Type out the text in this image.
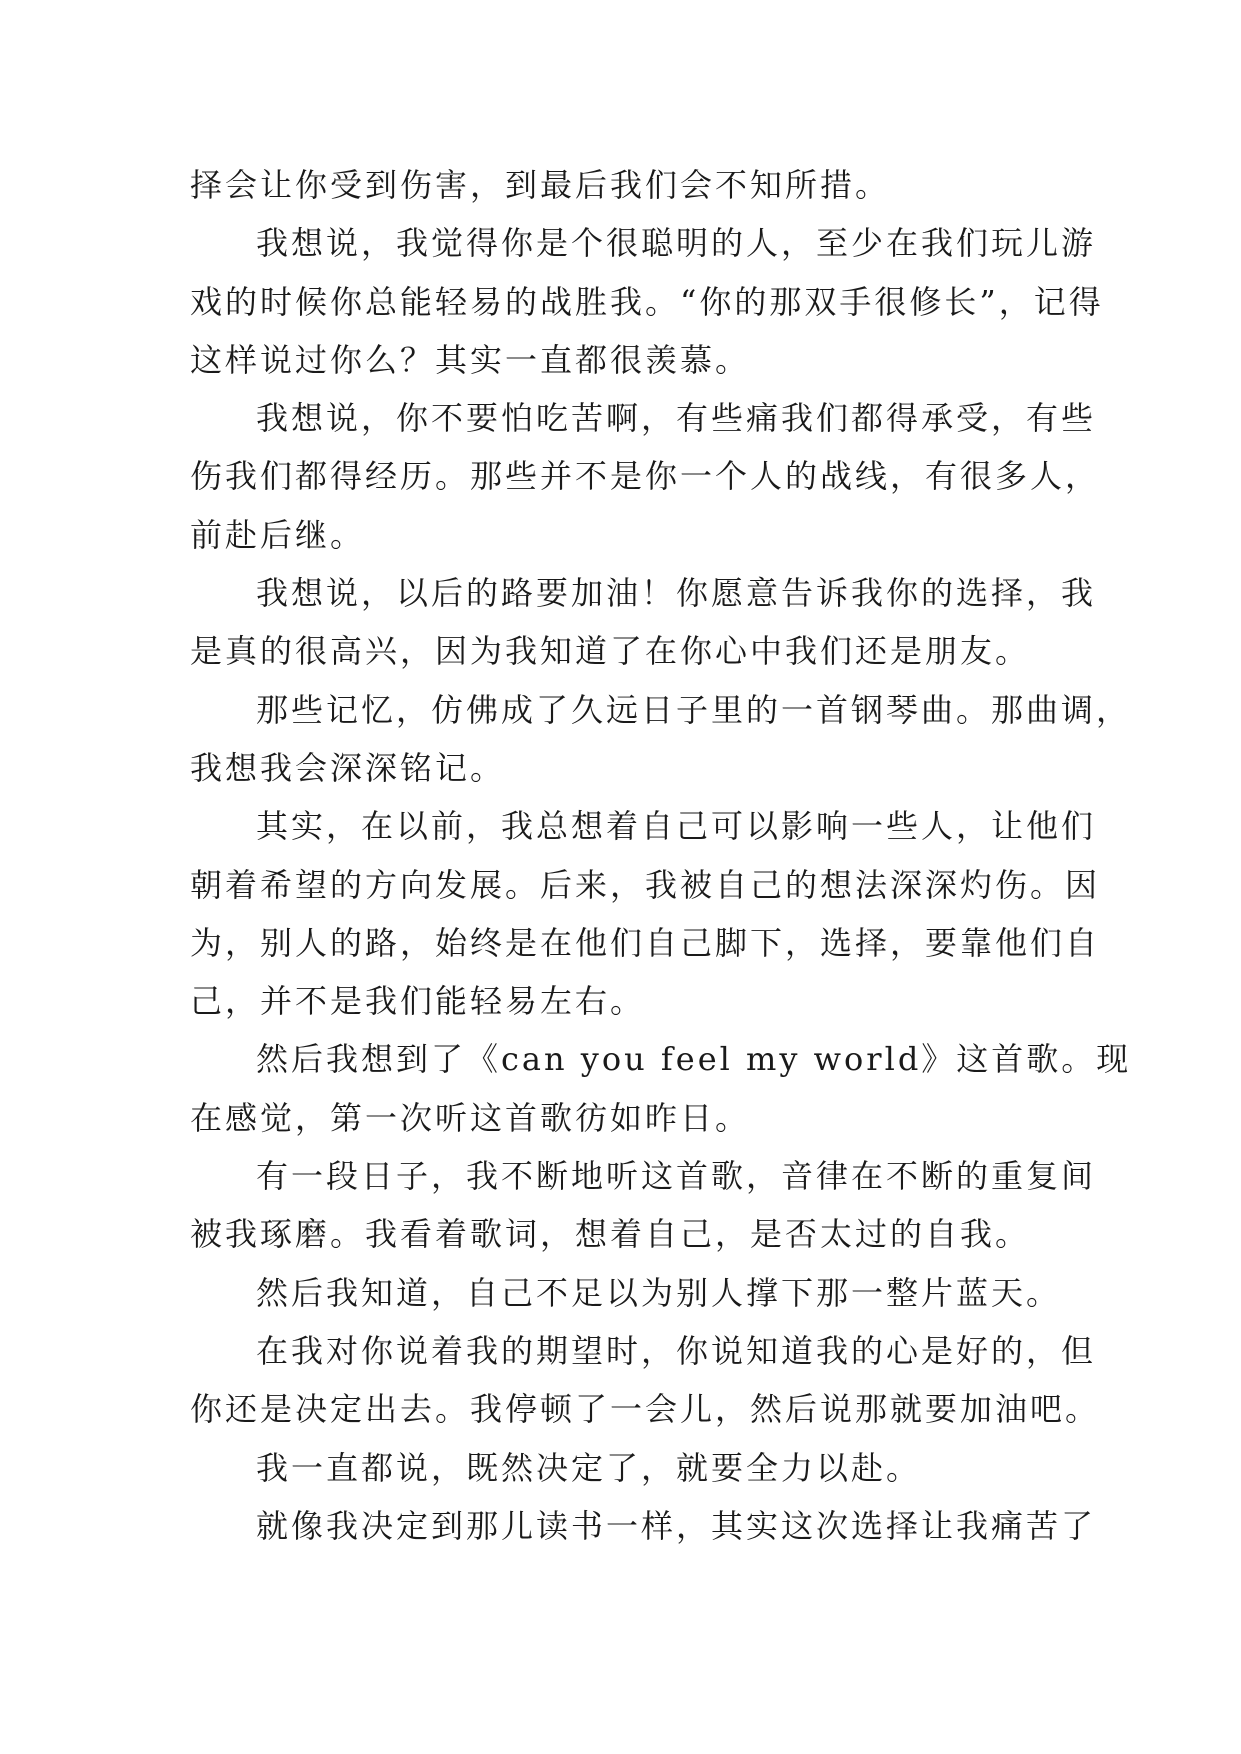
择会让你受到伤害，到最后我们会不知所措。
我想说，我觉得你是个很聪明的人，至少在我们玩儿游
戏的时候你总能轻易的战胜我。“你的那双手很修长”，记得
这样说过你么？其实一直都很羡慕。
我想说，你不要怕吃苦啊，有些痛我们都得承受，有些
伤我们都得经历。那些并不是你一个人的战线，有很多人，
前赴后继。
我想说，以后的路要加油！你愿意告诉我你的选择，我
是真的很高兴，因为我知道了在你心中我们还是朋友。
那些记忆，仿佛成了久远日子里的一首钢琴曲。那曲调，
我想我会深深铭记。
其实，在以前，我总想着自己可以影响一些人，让他们
朝着希望的方向发展。后来，我被自己的想法深深灼伤。因
为，别人的路，始终是在他们自己脚下，选择，要靠他们自
己，并不是我们能轻易左右。
然后我想到了《can you feel my world》这首歌。现
在感觉，第一次听这首歌彷如昨日。
有一段日子，我不断地听这首歌，音律在不断的重复间
被我琢磨。我看着歌词，想着自己，是否太过的自我。
然后我知道，自己不足以为别人撑下那一整片蓝天。
在我对你说着我的期望时，你说知道我的心是好的，但
你还是决定出去。我停顿了一会儿，然后说那就要加油吧。
我一直都说，既然决定了，就要全力以赴。
就像我决定到那儿读书一样，其实这次选择让我痛苦了
